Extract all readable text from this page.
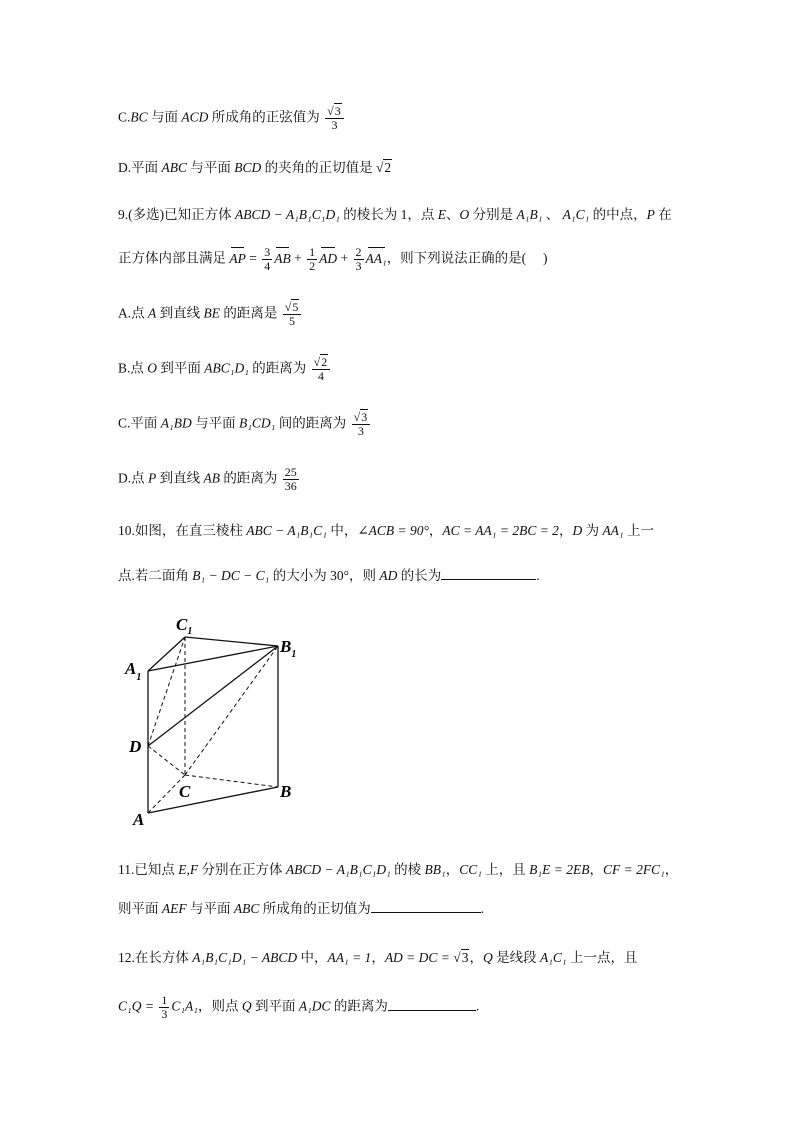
C.BC 与面 ACD 所成角的正弦值为 $\frac{√3}{3}$
D.平面 ABC 与平面 BCD 的夹角的正切值是 √2
9.(多选)已知正方体 ABCD − A₁B₁C₁D₁ 的棱长为 1，点 E、O 分别是 A₁B₁ 、 A₁C₁ 的中点，P 在
正方体内部且满足 AP = $\frac{3}{4}$ AB + $\frac{1}{2}$ AD + $\frac{2}{3} AA_1$，则下列说法正确的是(　 )
A.点 A 到直线 BE 的距离是 $\frac{√5}{5}$
B.点 O 到平面 ABC₁D₁ 的距离为 $\frac{√2}{4}$
C.平面 A₁BD 与平面 B₁CD₁ 间的距离为 $\frac{√3}{3}$
D.点 P 到直线 AB 的距离为 $\frac{25}{36}$
10.如图，在直三棱柱 ABC − A₁B₁C₁ 中，∠ACB = 90°，AC = AA₁ = 2BC = 2，D 为 AA₁ 上一
点.若二面角 B₁ − DC − C₁ 的大小为 30°，则 AD 的长为	.
$C_1$
$B_1$
$A_1$
D
C	B
A
11.已知点 E,F 分别在正方体 ABCD − A₁B₁C₁D₁ 的棱 BB₁，CC₁ 上，且 B₁E = 2EB，CF = 2FC₁，
则平面 AEF 与平面 ABC 所成角的正切值为	.
12.在长方体 A₁B₁C₁D₁ − ABCD 中，AA₁ = 1，AD = DC = √3，Q 是线段 A₁C₁ 上一点，且
$C_1Q = \frac{1}{3} C_1A_1$，则点 Q 到平面 A₁DC 的距离为	.
